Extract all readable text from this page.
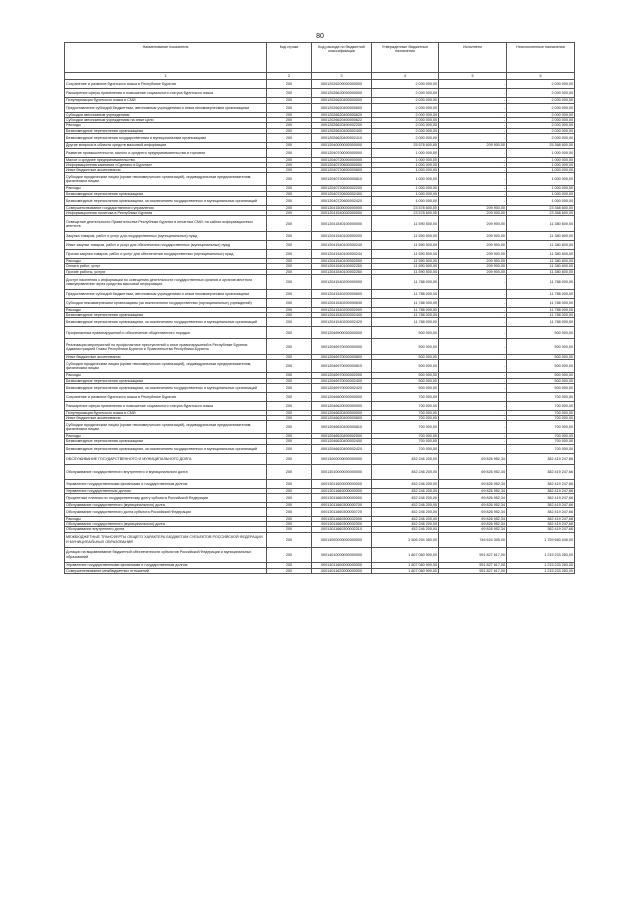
80
Наименование показателя	Код строки	Код расхода по бюджетной классификации	Утвержденные бюджетные назначения	Исполнено	Неисполненные назначения
1	2	3	4	5	6
Сохранение и развитие бурятского языка в Республике Бурятия	200	00012026200000000000	2 000 000,00	-	2 000 000,00
Расширение сферы применения и повышение социального статуса бурятского языка	200	00012026620000000000	2 000 000,00	-	2 000 000,00
Популяризация бурятского языка в СМИ	200	00012026620400000000	2 000 000,00	-	2 000 000,00
Предоставление субсидий бюджетным, автономным учреждениям и иным некоммерческим организациям	200	00012026620400000600	2 000 000,00	-	2 000 000,00
Субсидии автономным учреждениям	200	00012026620400000620	2 000 000,00	-	2 000 000,00
Субсидии автономным учреждениям на иные цели	200	00012026620400000622	2 000 000,00	-	2 000 000,00
Расходы	200	00012026620400002200	2 000 000,00	-	2 000 000,00
Безвозмездные перечисления организациям	200	00012026620400002400	2 000 000,00	-	2 000 000,00
Безвозмездные перечисления государственным и муниципальным организациям	200	00012026620400002410	2 000 000,00	-	2 000 000,00
Другие вопросы в области средств массовой информации	200	00012040000000000000	25 578 600,00	209 900,00	25 368 600,00
Развитие промышленности, малого и среднего предпринимательства и торговли	200	00012040700000000000	1 000 000,00	-	1 000 000,00
Малое и среднее предпринимательство	200	00012040720000000000	1 000 000,00	-	1 000 000,00
Информационная кампания «Сделано в Бурятии»	200	00012040720600000000	1 000 000,00	-	1 000 000,00
Иные бюджетные ассигнования	200	00012040720600000800	1 000 000,00	-	1 000 000,00
Субсидии юридическим лицам (кроме некоммерческих организаций), индивидуальным предпринимателям, физическим лицам	200	00012040720600000810	1 000 000,00	-	1 000 000,00
Расходы	200	00012040720600002200	1 000 000,00	-	1 000 000,00
Безвозмездные перечисления организациям	200	00012040720600002400	1 000 000,00	-	1 000 000,00
Безвозмездные перечисления организациям, за исключением государственных и муниципальных организаций	200	00012040720600002420	1 000 000,00	-	1 000 000,00
Совершенствование государственного управления	200	00012041500000000000	23 578 600,00	209 900,00	23 368 600,00
Информационная политика в Республике Бурятия	200	00012041540000000000	23 578 600,00	209 900,00	23 368 600,00
Освещение деятельности Правительства Республики Бурятия в печатных СМИ, на сайтах информационных агентств	200	00012041540100000000	11 590 500,00	209 900,00	11 380 600,00
Закупка товаров, работ и услуг для государственных (муниципальных) нужд	200	00012041540100000200	11 590 500,00	209 900,00	11 380 600,00
Иные закупки товаров, работ и услуг для обеспечения государственных (муниципальных) нужд	200	00012041540100000240	11 590 500,00	209 900,00	11 380 600,00
Прочая закупка товаров, работ и услуг для обеспечения государственных (муниципальных) нужд	200	00012041540100000244	11 590 500,00	209 900,00	11 380 600,00
Расходы	200	00012041540100002000	11 590 500,00	209 900,00	11 380 600,00
Оплата работ, услуг	200	00012041540100002200	11 590 500,00	209 900,00	11 380 600,00
Прочие работы, услуги	200	00012041540100002260	11 590 500,00	209 900,00	11 380 600,00
Доступ населения к информации по освещению деятельности государственных органов и органов местного самоуправления через средства массовой информации	200	00012041540200000000	11 788 000,00	-	11 788 000,00
Предоставление субсидий бюджетным, автономным учреждениям и иным некоммерческим организациям	200	00012041540200000600	11 788 000,00	-	11 788 000,00
Субсидии некоммерческим организациям (за исключением государственных (муниципальных) учреждений)	200	00012041540200000630	11 788 000,00	-	11 788 000,00
Расходы	200	00012041540200002000	11 788 000,00	-	11 788 000,00
Безвозмездные перечисления организациям	200	00012041540200002400	11 788 000,00	-	11 788 000,00
Безвозмездные перечисления организациям, за исключением государственных и муниципальных организаций	200	00012041540200002420	11 788 000,00	-	11 788 000,00
Профилактика правонарушений и обеспечение общественного порядка	200	00012046900000000000	500 000,00	-	500 000,00
Реализация мероприятий по профилактике преступлений и иных правонарушений в Республике Бурятия Администрацией Главы Республики Бурятия и Правительства Республики Бурятия	200	00012046970000000000	500 000,00	-	500 000,00
Иные бюджетные ассигнования	200	00012046970000000800	500 000,00	-	500 000,00
Субсидии юридическим лицам (кроме некоммерческих организаций), индивидуальным предпринимателям, физическим лицам	200	00012046970000000810	500 000,00	-	500 000,00
Расходы	200	00012046970000002000	500 000,00	-	500 000,00
Безвозмездные перечисления организациям	200	00012046970000002400	500 000,00	-	500 000,00
Безвозмездные перечисления организациям, за исключением государственных и муниципальных организаций	200	00012046970000002420	500 000,00	-	500 000,00
Сохранение и развитие бурятского языка в Республике Бурятия	200	00012046600000000000	700 000,00	-	700 000,00
Расширение сферы применения и повышение социального статуса бурятского языка	200	00012046620000000000	700 000,00	-	700 000,00
Популяризация бурятского языка в СМИ	200	00012046620400000000	700 000,00	-	700 000,00
Иные бюджетные ассигнования	200	00012046620400000800	700 000,00	-	700 000,00
Субсидии юридическим лицам (кроме некоммерческих организаций), индивидуальным предпринимателям, физическим лицам	200	00012046620400000810	700 000,00	-	700 000,00
Расходы	200	00012046620400002000	700 000,00	-	700 000,00
Безвозмездные перечисления организациям	200	00012046620400002400	700 000,00	-	700 000,00
Безвозмездные перечисления организациям, за исключением государственных и муниципальных организаций	200	00012046620400002420	700 000,00	-	700 000,00
ОБСЛУЖИВАНИЕ ГОСУДАРСТВЕННОГО И МУНИЦИПАЛЬНОГО ДОЛГА	200	00013000000000000000	452 246 200,00	69 826 952,34	382 419 247,66
Обслуживание государственного внутреннего и муниципального долга	200	00013010000000000000	452 246 200,00	69 826 952,34	382 419 247,66
Управление государственными финансами и государственным долгом	200	00013011600000000000	452 246 200,00	69 826 952,34	382 419 247,66
Управление государственным долгом	200	00013011660000000000	452 246 200,00	69 826 952,34	382 419 247,66
Процентные платежи по государственному долгу субъекта Российской Федерации	200	00013011660300000000	452 246 200,00	69 826 952,34	382 419 247,66
Обслуживание государственного (муниципального) долга	200	00013011660300000700	452 246 200,00	69 826 952,34	382 419 247,66
Обслуживание государственного долга субъекта Российской Федерации	200	00013011660300000720	452 246 200,00	69 826 952,34	382 419 247,66
Расходы	200	00013011660300002000	452 246 200,00	69 826 952,34	382 419 247,66
Обслуживание государственного (муниципального) долга	200	00013011660300002300	452 246 200,00	69 826 952,34	382 419 247,66
Обслуживание внутреннего долга	200	00013011660300002310	452 246 200,00	69 826 952,34	382 419 247,66
МЕЖБЮДЖЕТНЫЕ ТРАНСФЕРТЫ ОБЩЕГО ХАРАКТЕРА БЮДЖЕТАМ СУБЪЕКТОВ РОССИЙСКОЙ ФЕДЕРАЦИИ И МУНИЦИПАЛЬНЫХ ОБРАЗОВАНИЙ	200	00014000000000000000	2 506 294 350,00	746 624 305,00	1 759 660 045,00
Дотации на выравнивание бюджетной обеспеченности субъектов Российской Федерации и муниципальных образований	200	00014010000000000000	1 807 060 900,00	591 827 617,00	1 215 233 283,00
Управление государственными финансами и государственным долгом	200	00014011600000000000	1 807 060 900,00	591 827 617,00	1 215 233 283,00
Совершенствование межбюджетных отношений	200	00014011620000000000	1 807 060 900,00	591 827 617,00	1 215 233 283,00
